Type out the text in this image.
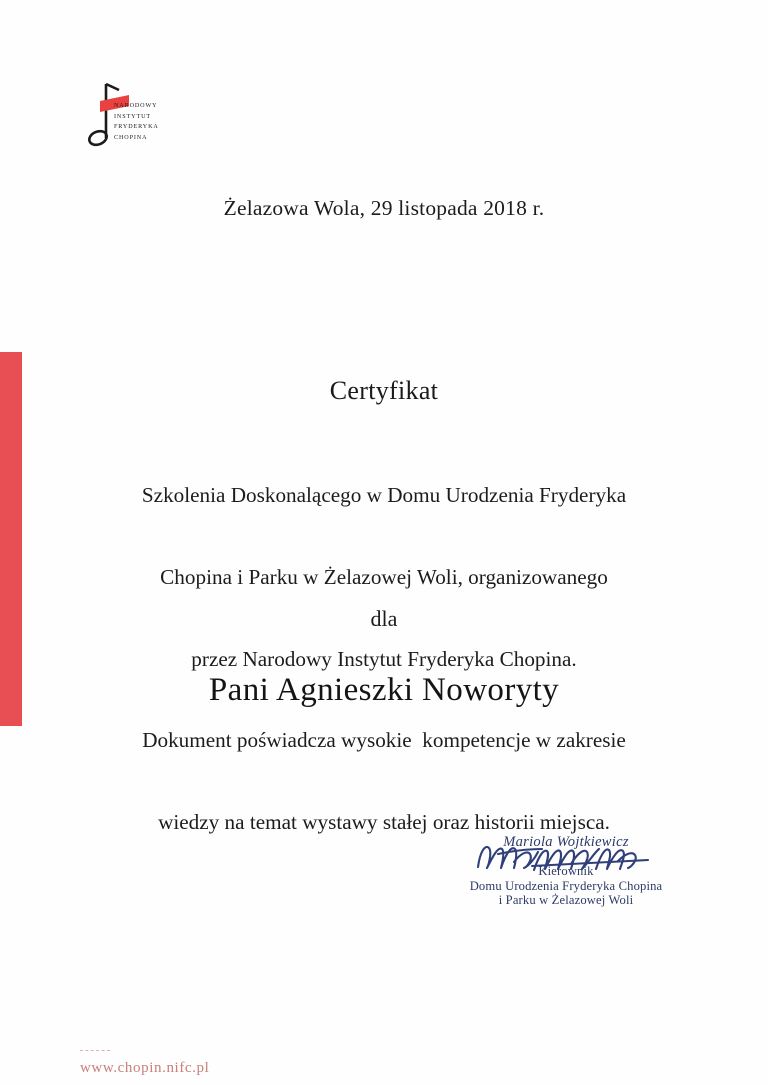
NARODOWY
INSTYTUT
FRYDERYKA
CHOPINA
Żelazowa Wola, 29 listopada 2018 r.
Certyfikat

Szkolenia Doskonalącego w Domu Urodzenia Fryderyka

Chopina i Parku w Żelazowej Woli, organizowanego

przez Narodowy Instytut Fryderyka Chopina.

Dokument poświadcza wysokie  kompetencje w zakresie

wiedzy na temat wystawy stałej oraz historii miejsca.

dla
Pani Agnieszki Noworyty
Mariola Wojtkiewicz
Kierownik
Domu Urodzenia Fryderyka Chopina
i Parku w Żelazowej Woli
www.chopin.nifc.pl
